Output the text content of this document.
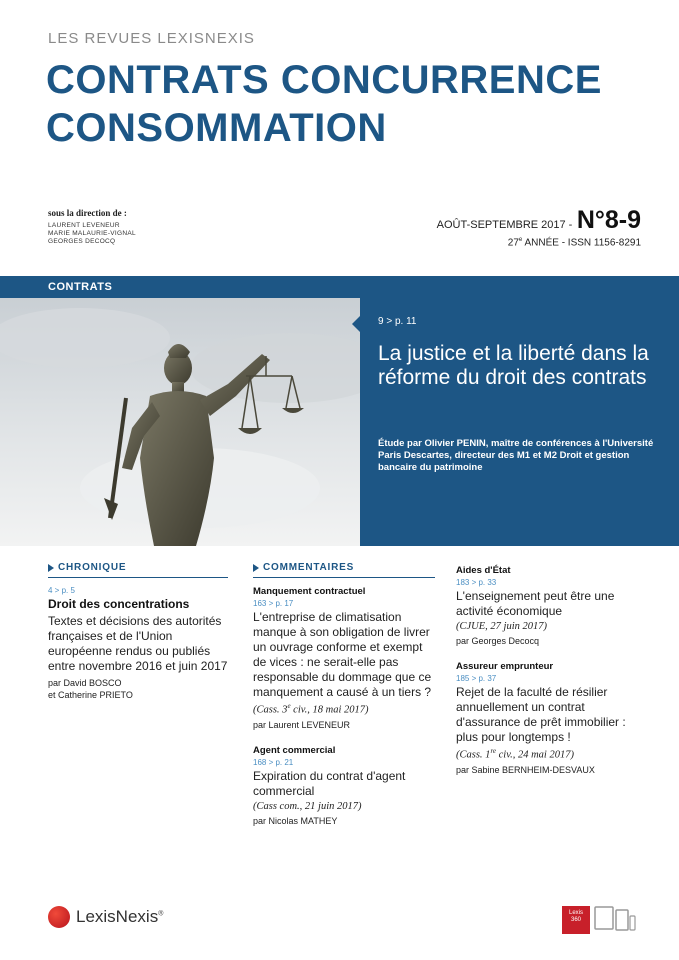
LES REVUES LEXISNEXIS
CONTRATS CONCURRENCE
CONSOMMATION
sous la direction de :
LAURENT LEVENEUR
MARIE MALAURIE-VIGNAL
GEORGES DECOCQ
AOÛT-SEPTEMBRE 2017 - N°8-9
27e ANNÉE - ISSN 1156-8291
CONTRATS
9 > p. 11
La justice et la liberté dans la réforme du droit des contrats
Étude par Olivier PENIN, maître de conférences à l'Université Paris Descartes, directeur des M1 et M2 Droit et gestion bancaire du patrimoine
CHRONIQUE
4 > p. 5
Droit des concentrations
Textes et décisions des autorités françaises et de l'Union européenne rendus ou publiés entre novembre 2016 et juin 2017
par David BOSCO
et Catherine PRIETO
COMMENTAIRES
Manquement contractuel
163 > p. 17
L'entreprise de climatisation manque à son obligation de livrer un ouvrage conforme et exempt de vices : ne serait-elle pas responsable du dommage que ce manquement a causé à un tiers ?
(Cass. 3e civ., 18 mai 2017)
par Laurent LEVENEUR
Agent commercial
168 > p. 21
Expiration du contrat d'agent commercial
(Cass com., 21 juin 2017)
par Nicolas MATHEY
Aides d'État
183 > p. 33
L'enseignement peut être une activité économique
(CJUE, 27 juin 2017)
par Georges Decocq
Assureur emprunteur
185 > p. 37
Rejet de la faculté de résilier annuellement un contrat d'assurance de prêt immobilier : plus pour longtemps !
(Cass. 1re civ., 24 mai 2017)
par Sabine BERNHEIM-DESVAUX
LexisNexis®	Lexis
360
